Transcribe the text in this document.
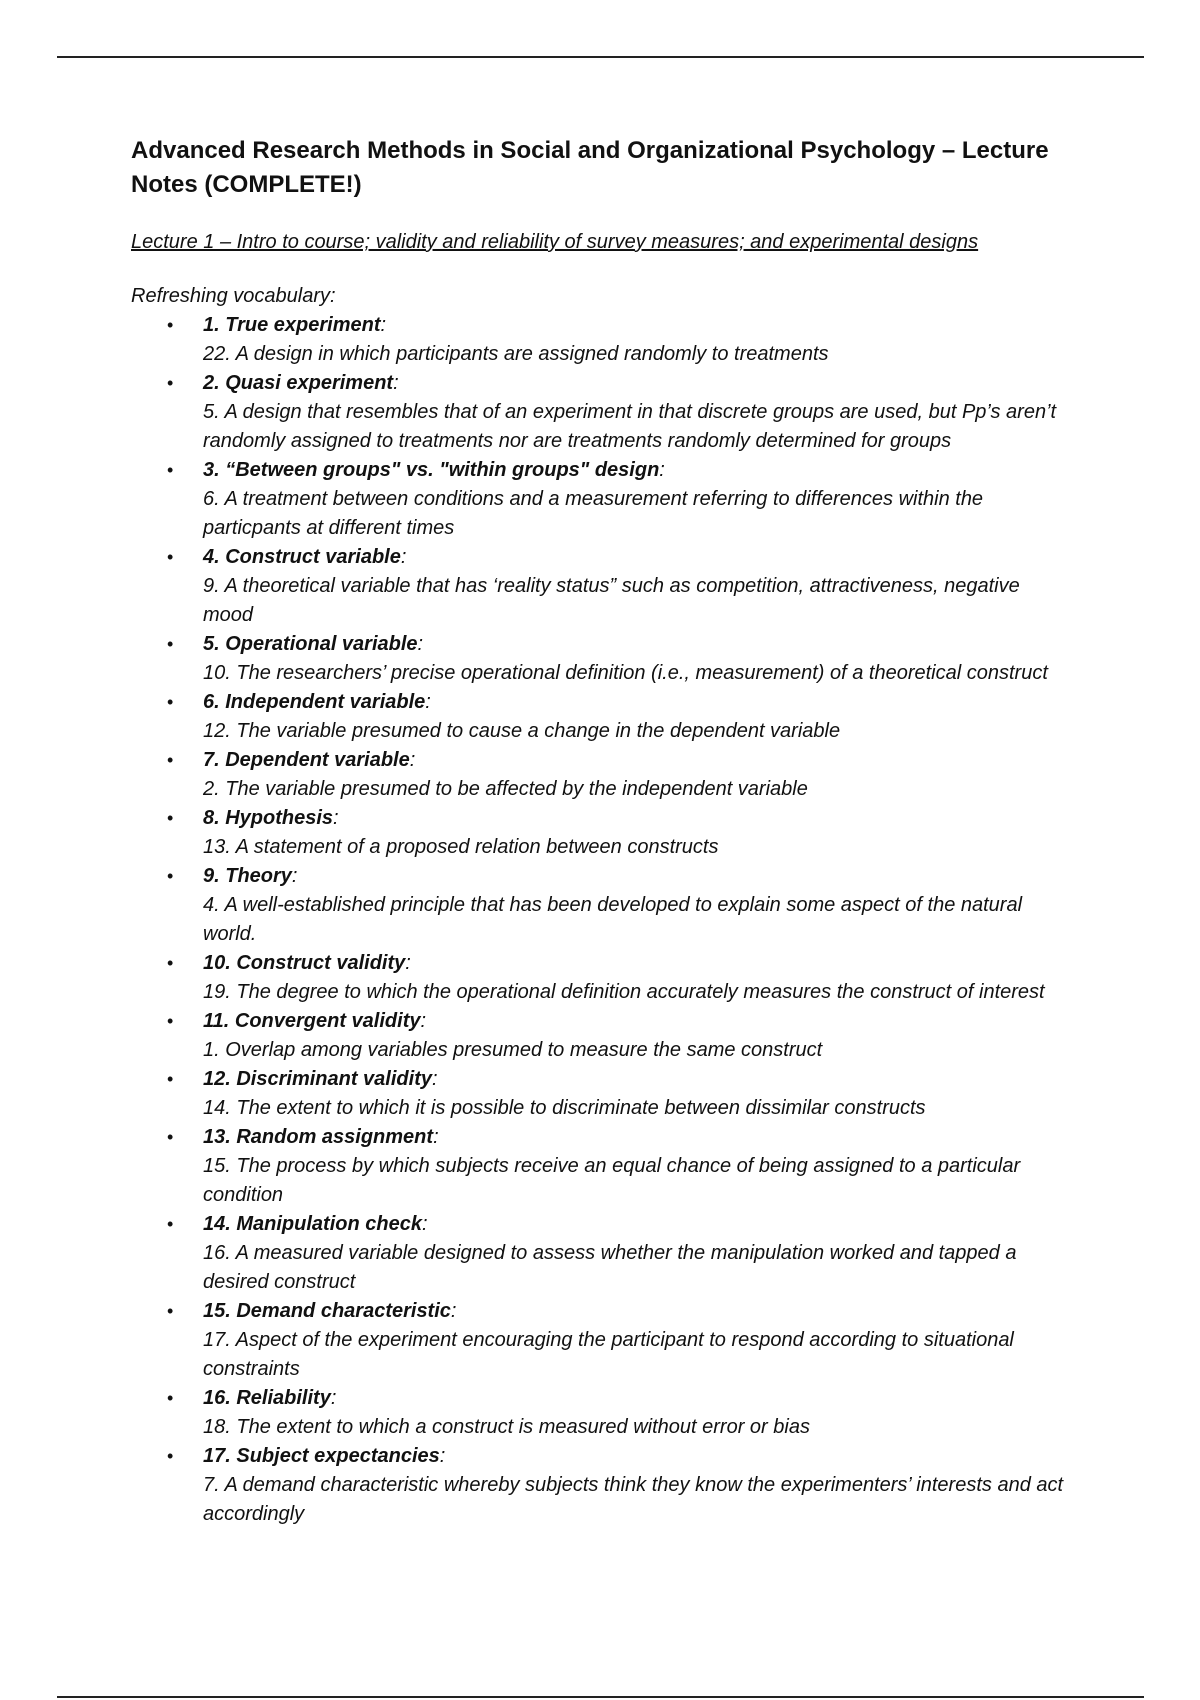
Advanced Research Methods in Social and Organizational Psychology – Lecture Notes (COMPLETE!)
Lecture 1 – Intro to course; validity and reliability of survey measures; and experimental designs
Refreshing vocabulary:
• 1. True experiment:
22. A design in which participants are assigned randomly to treatments
• 2. Quasi experiment:
5. A design that resembles that of an experiment in that discrete groups are used, but Pp’s aren’t randomly assigned to treatments nor are treatments randomly determined for groups
• 3. “Between groups" vs. "within groups" design:
6. A treatment between conditions and a measurement referring to differences within the particpants at different times
• 4. Construct variable:
9. A theoretical variable that has ‘reality status” such as competition, attractiveness, negative mood
• 5. Operational variable:
10. The researchers’ precise operational definition (i.e., measurement) of a theoretical construct
• 6. Independent variable:
12. The variable presumed to cause a change in the dependent variable
• 7. Dependent variable:
2. The variable presumed to be affected by the independent variable
• 8. Hypothesis:
13. A statement of a proposed relation between constructs
• 9. Theory:
4. A well-established principle that has been developed to explain some aspect of the natural world.
• 10. Construct validity:
19. The degree to which the operational definition accurately measures the construct of interest
• 11. Convergent validity:
1. Overlap among variables presumed to measure the same construct
• 12. Discriminant validity:
14. The extent to which it is possible to discriminate between dissimilar constructs
• 13. Random assignment:
15. The process by which subjects receive an equal chance of being assigned to a particular condition
• 14. Manipulation check:
16. A measured variable designed to assess whether the manipulation worked and tapped a desired construct
• 15. Demand characteristic:
17. Aspect of the experiment encouraging the participant to respond according to situational constraints
• 16. Reliability:
18. The extent to which a construct is measured without error or bias
• 17. Subject expectancies:
7. A demand characteristic whereby subjects think they know the experimenters’ interests and act accordingly
